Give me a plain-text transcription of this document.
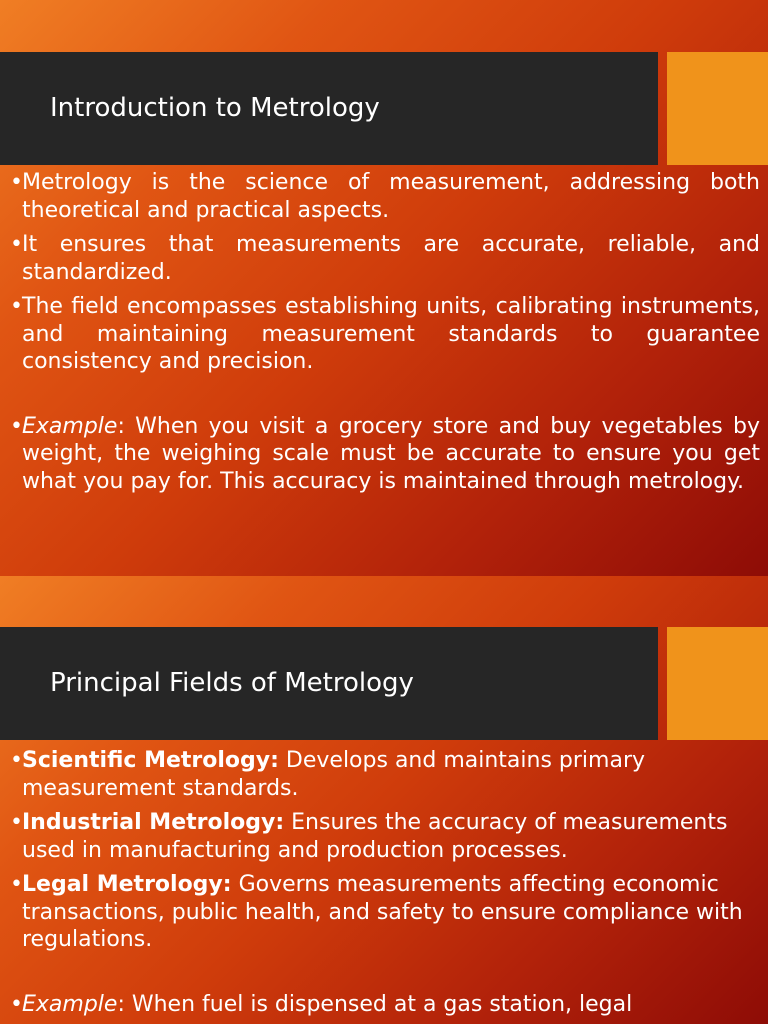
Introduction to Metrology

• Metrology is the science of measurement, addressing both theoretical and practical aspects.

• It ensures that measurements are accurate, reliable, and standardized.

• The field encompasses establishing units, calibrating instruments, and maintaining measurement standards to guarantee consistency and precision.

• Example: When you visit a grocery store and buy vegetables by weight, the weighing scale must be accurate to ensure you get what you pay for. This accuracy is maintained through metrology.

Principal Fields of Metrology

• Scientific Metrology: Develops and maintains primary measurement standards.

• Industrial Metrology: Ensures the accuracy of measurements used in manufacturing and production processes.

• Legal Metrology: Governs measurements affecting economic transactions, public health, and safety to ensure compliance with regulations.

• Example: When fuel is dispensed at a gas station, legal
